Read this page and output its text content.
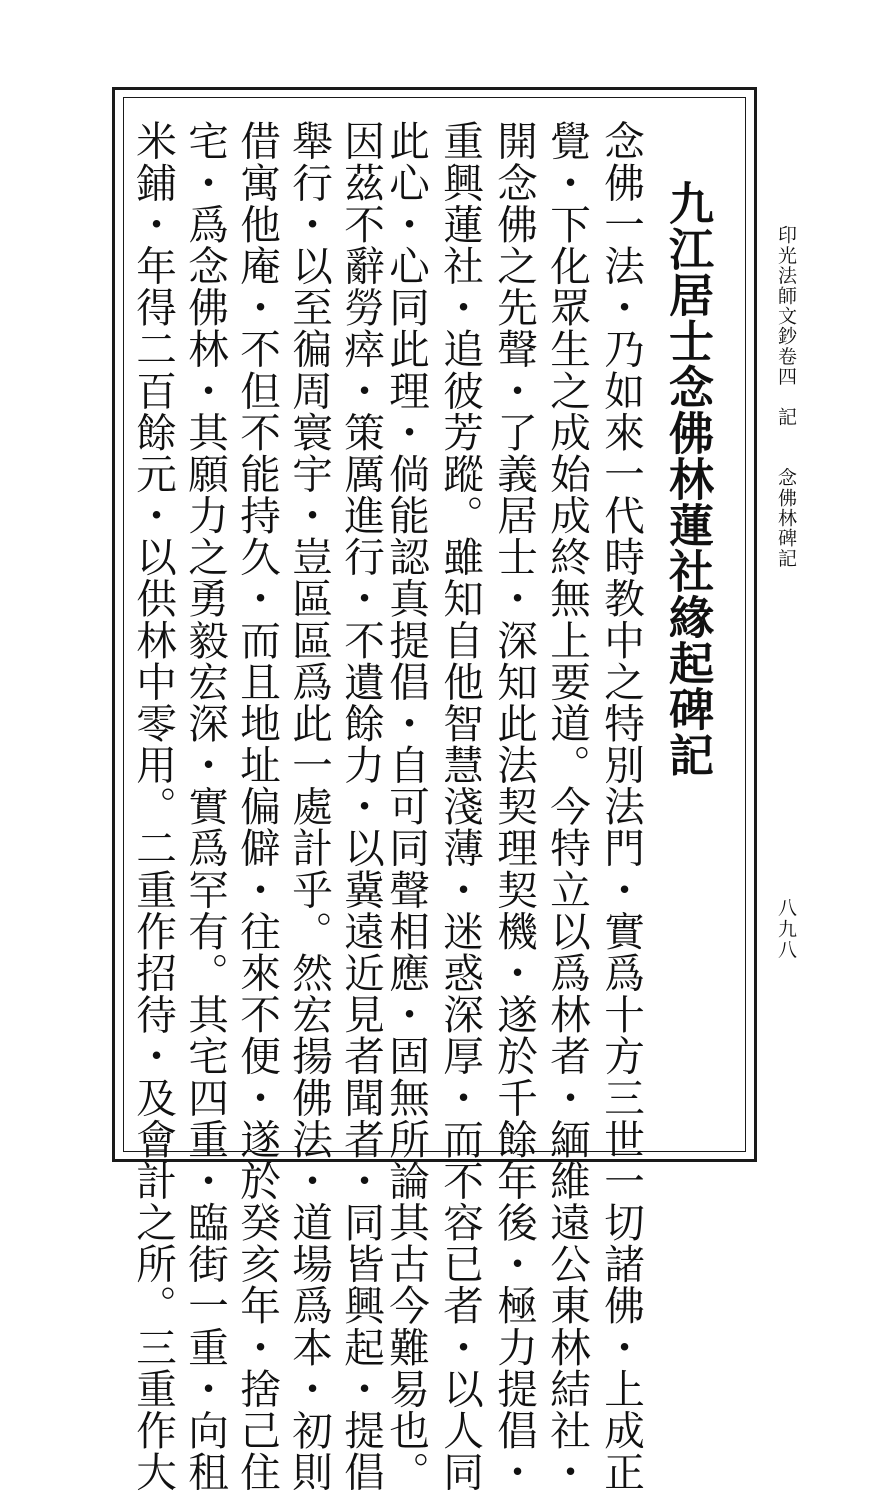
印光法師文鈔卷四　記　　念佛林碑記
八九八
九江居士念佛林蓮社緣起碑記
念佛一法・乃如來一代時教中之特別法門・實爲十方三世一切諸佛・上成正
覺・下化眾生之成始成終無上要道。今特立以爲林者・緬維遠公東林結社・
開念佛之先聲・了義居士・深知此法契理契機・遂於千餘年後・極力提倡・
重興蓮社・追彼芳蹤。雖知自他智慧淺薄・迷惑深厚・而不容已者・以人同
此心・心同此理・倘能認真提倡・自可同聲相應・固無所論其古今難易也。
因茲不辭勞瘁・策厲進行・不遺餘力・以冀遠近見者聞者・同皆興起・提倡
舉行・以至徧周寰宇・豈區區爲此一處計乎。然宏揚佛法・道場爲本・初則
借寓他庵・不但不能持久・而且地址偏僻・往來不便・遂於癸亥年・捨己住
宅・爲念佛林・其願力之勇毅宏深・實爲罕有。其宅四重・臨街一重・向租
米鋪・年得二百餘元・以供林中零用。二重作招待・及會計之所。三重作大
